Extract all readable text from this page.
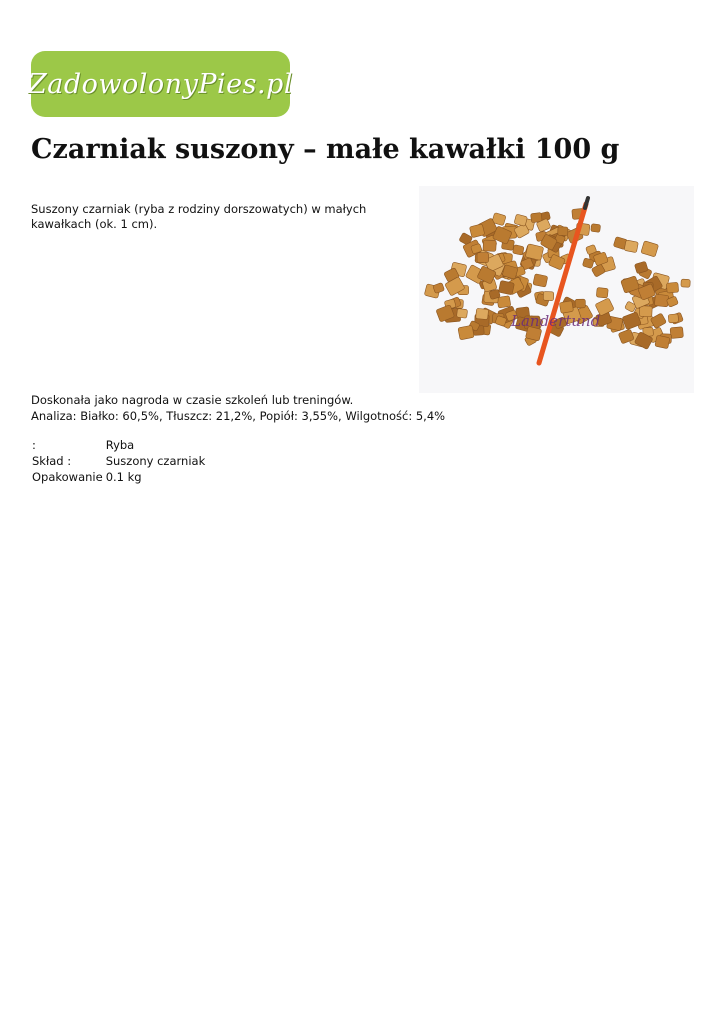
ZadowolonyPies.pl
Czarniak suszony – małe kawałki 100 g

Suszony czarniak (ryba z rodziny dorszowatych) w małych kawałkach (ok. 1 cm).

Landertund
Doskonała jako nagroda w czasie szkoleń lub treningów.
Analiza: Białko: 60,5%, Tłuszcz: 21,2%, Popiół: 3,55%, Wilgotność: 5,4%
:	Ryba
Skład :	Suszony czarniak
Opakowanie	0.1 kg
